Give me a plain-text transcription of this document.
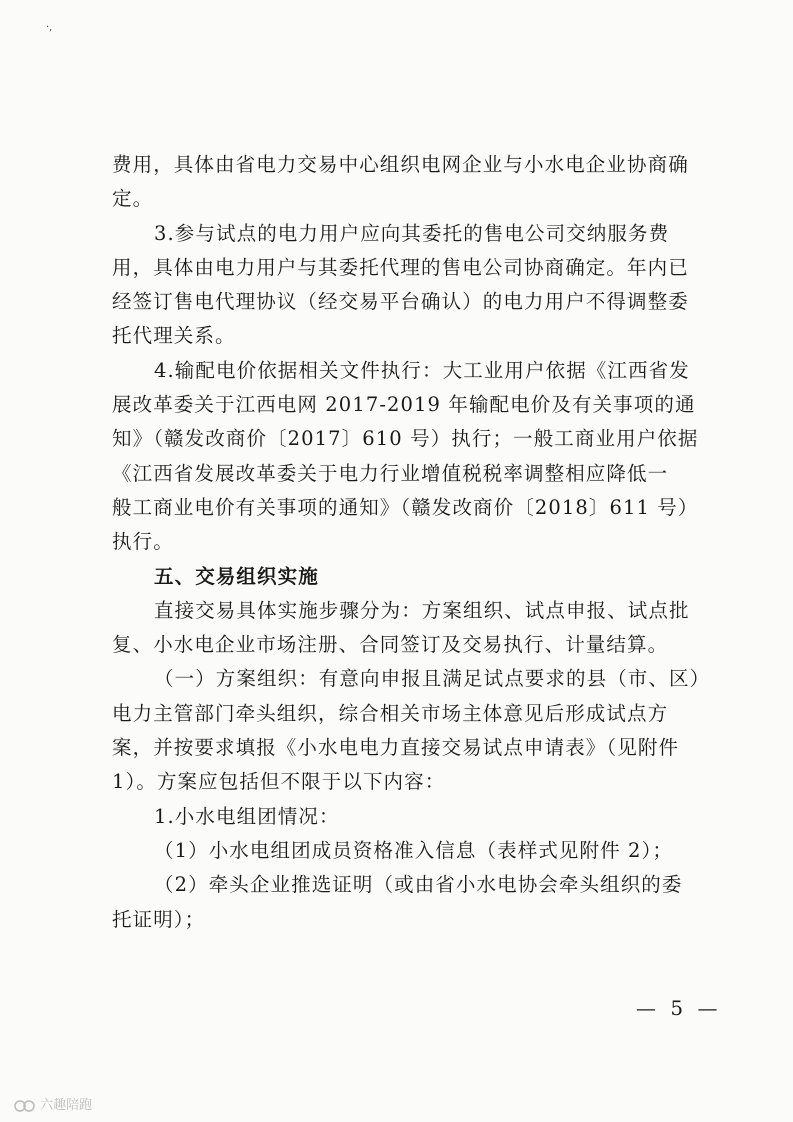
·,
费用，具体由省电力交易中心组织电网企业与小水电企业协商确
定。
3.参与试点的电力用户应向其委托的售电公司交纳服务费
用，具体由电力用户与其委托代理的售电公司协商确定。年内已
经签订售电代理协议（经交易平台确认）的电力用户不得调整委
托代理关系。
4.输配电价依据相关文件执行：大工业用户依据《江西省发
展改革委关于江西电网 2017-2019 年输配电价及有关事项的通
知》（赣发改商价〔2017〕610 号）执行；一般工商业用户依据
《江西省发展改革委关于电力行业增值税税率调整相应降低一
般工商业电价有关事项的通知》（赣发改商价〔2018〕611 号）
执行。
五、交易组织实施
直接交易具体实施步骤分为：方案组织、试点申报、试点批
复、小水电企业市场注册、合同签订及交易执行、计量结算。
（一）方案组织：有意向申报且满足试点要求的县（市、区）
电力主管部门牵头组织，综合相关市场主体意见后形成试点方
案，并按要求填报《小水电电力直接交易试点申请表》（见附件
1）。方案应包括但不限于以下内容：
1.小水电组团情况：
（1）小水电组团成员资格准入信息（表样式见附件 2）；
（2）牵头企业推选证明（或由省小水电协会牵头组织的委
托证明）；
— 5 —
六趣陪跑
